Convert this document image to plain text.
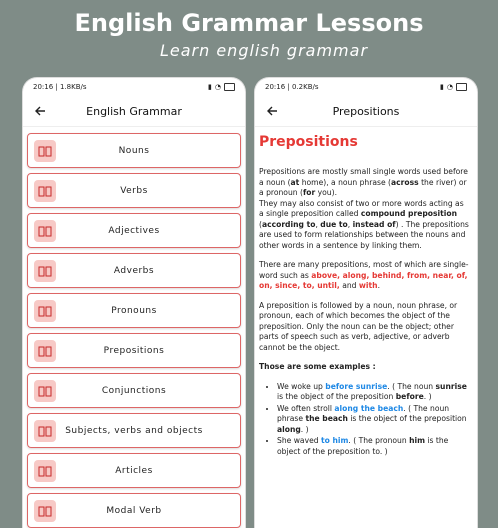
English Grammar Lessons
Learn english grammar
20:16 | 1.8KB/s	▮ ◔
English Grammar
Nouns
Verbs
Adjectives
Adverbs
Pronouns
Prepositions
Conjunctions
Subjects, verbs and objects
Articles
Modal Verb
20:16 | 0.2KB/s	▮ ◔
Prepositions
Prepositions
Prepositions are mostly small single words used before a noun (at home), a noun phrase (across the river) or a pronoun (for you).
They may also consist of two or more words acting as a single preposition called compound preposition (according to, due to, instead of) . The prepositions are used to form relationships between the nouns and other words in a sentence by linking them.
There are many prepositions, most of which are single-word such as above, along, behind, from, near, of, on, since, to, until, and with.
A preposition is followed by a noun, noun phrase, or pronoun, each of which becomes the object of the preposition. Only the noun can be the object; other parts of speech such as verb, adjective, or adverb cannot be the object.
Those are some examples :
• We woke up before sunrise. ( The noun sunrise is the object of the preposition before. )
• We often stroll along the beach. ( The noun phrase the beach is the object of the preposition along. )
• She waved to him. ( The pronoun him is the object of the preposition to. )
